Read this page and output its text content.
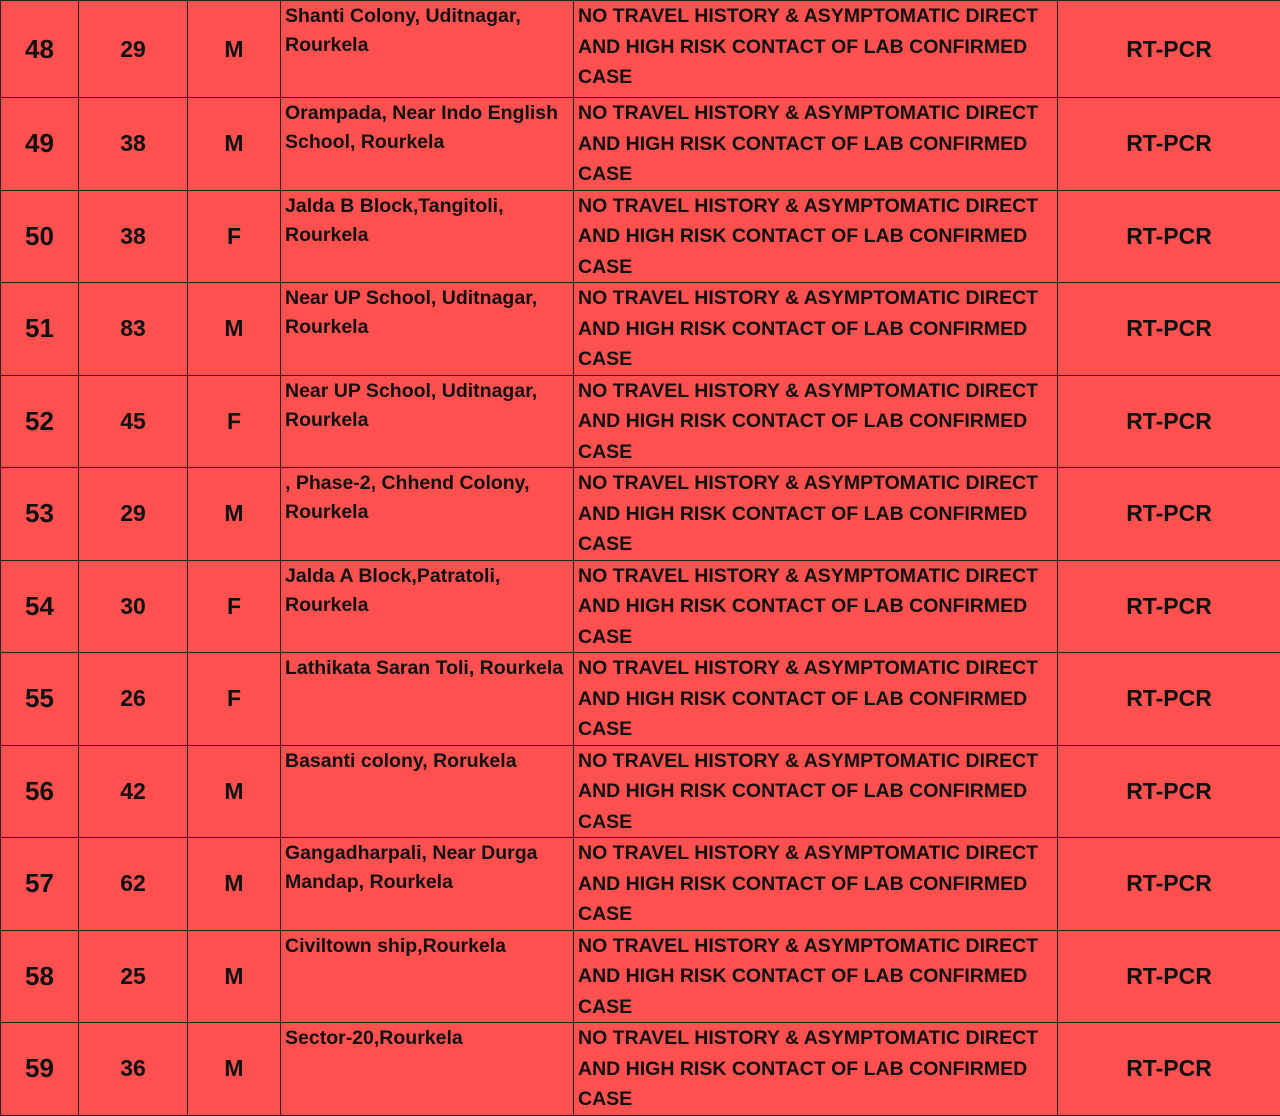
48	29	M	Shanti Colony, Uditnagar, Rourkela	NO TRAVEL HISTORY & ASYMPTOMATIC DIRECT AND HIGH RISK CONTACT OF LAB CONFIRMED CASE	RT-PCR
49	38	M	Orampada, Near Indo English School, Rourkela	NO TRAVEL HISTORY & ASYMPTOMATIC DIRECT AND HIGH RISK CONTACT OF LAB CONFIRMED CASE	RT-PCR
50	38	F	Jalda B Block,Tangitoli, Rourkela	NO TRAVEL HISTORY & ASYMPTOMATIC DIRECT AND HIGH RISK CONTACT OF LAB CONFIRMED CASE	RT-PCR
51	83	M	Near UP School, Uditnagar, Rourkela	NO TRAVEL HISTORY & ASYMPTOMATIC DIRECT AND HIGH RISK CONTACT OF LAB CONFIRMED CASE	RT-PCR
52	45	F	Near UP School, Uditnagar, Rourkela	NO TRAVEL HISTORY & ASYMPTOMATIC DIRECT AND HIGH RISK CONTACT OF LAB CONFIRMED CASE	RT-PCR
53	29	M	, Phase-2, Chhend Colony, Rourkela	NO TRAVEL HISTORY & ASYMPTOMATIC DIRECT AND HIGH RISK CONTACT OF LAB CONFIRMED CASE	RT-PCR
54	30	F	Jalda A Block,Patratoli, Rourkela	NO TRAVEL HISTORY & ASYMPTOMATIC DIRECT AND HIGH RISK CONTACT OF LAB CONFIRMED CASE	RT-PCR
55	26	F	Lathikata Saran Toli, Rourkela	NO TRAVEL HISTORY & ASYMPTOMATIC DIRECT AND HIGH RISK CONTACT OF LAB CONFIRMED CASE	RT-PCR
56	42	M	Basanti colony, Rorukela	NO TRAVEL HISTORY & ASYMPTOMATIC DIRECT AND HIGH RISK CONTACT OF LAB CONFIRMED CASE	RT-PCR
57	62	M	Gangadharpali, Near Durga Mandap, Rourkela	NO TRAVEL HISTORY & ASYMPTOMATIC DIRECT AND HIGH RISK CONTACT OF LAB CONFIRMED CASE	RT-PCR
58	25	M	Civiltown ship,Rourkela	NO TRAVEL HISTORY & ASYMPTOMATIC DIRECT AND HIGH RISK CONTACT OF LAB CONFIRMED CASE	RT-PCR
59	36	M	Sector-20,Rourkela	NO TRAVEL HISTORY & ASYMPTOMATIC DIRECT AND HIGH RISK CONTACT OF LAB CONFIRMED CASE	RT-PCR
